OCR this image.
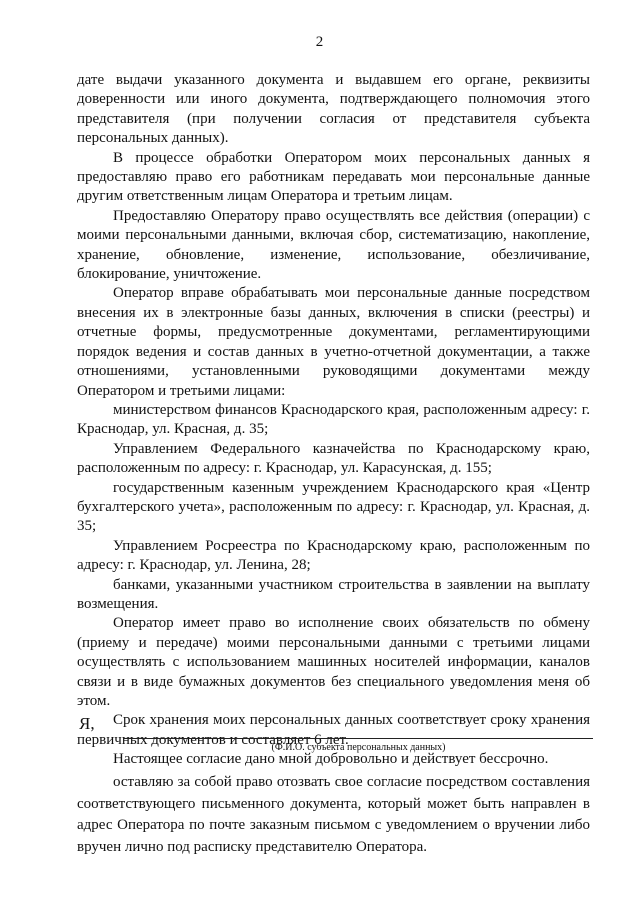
2

дате выдачи указанного документа и выдавшем его органе, реквизиты доверенности или иного документа, подтверждающего полномочия этого представителя (при получении согласия от представителя субъекта персональных данных).

В процессе обработки Оператором моих персональных данных я предоставляю право его работникам передавать мои персональные данные другим ответственным лицам Оператора и третьим лицам.

Предоставляю Оператору право осуществлять все действия (операции) с моими персональными данными, включая сбор, систематизацию, накопление, хранение, обновление, изменение, использование, обезличивание, блокирование, уничтожение.

Оператор вправе обрабатывать мои персональные данные посредством внесения их в электронные базы данных, включения в списки (реестры) и отчетные формы, предусмотренные документами, регламентирующими порядок ведения и состав данных в учетно-отчетной документации, а также отношениями, установленными руководящими документами между Оператором и третьими лицами:

министерством финансов Краснодарского края, расположенным адресу: г. Краснодар, ул. Красная, д. 35;

Управлением Федерального казначейства по Краснодарскому краю, расположенным по адресу: г. Краснодар, ул. Карасунская, д. 155;

государственным казенным учреждением Краснодарского края «Центр бухгалтерского учета», расположенным по адресу: г. Краснодар, ул. Красная, д. 35;

Управлением Росреестра по Краснодарскому краю, расположенным по адресу: г. Краснодар, ул. Ленина, 28;

банками, указанными участником строительства в заявлении на выплату возмещения.

Оператор имеет право во исполнение своих обязательств по обмену (приему и передаче) моими персональными данными с третьими лицами осуществлять с использованием машинных носителей информации, каналов связи и в виде бумажных документов без специального уведомления меня об этом.

Срок хранения моих персональных данных соответствует сроку хранения первичных документов и составляет 6 лет.

Настоящее согласие дано мной добровольно и действует бессрочно.

Я,
(Ф.И.О. субъекта персональных данных)

оставляю за собой право отозвать свое согласие посредством составления соответствующего письменного документа, который может быть направлен в адрес Оператора по почте заказным письмом с уведомлением о вручении либо вручен лично под расписку представителю Оператора.
